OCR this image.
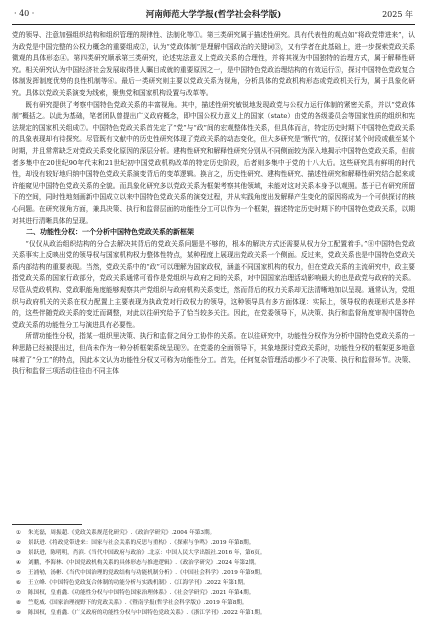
· 40 ·	河南师范大学学报(哲学社会科学版)	2025 年

党的领导、注意加强组织结构和组织管理的规律性、法制化等①。第三类研究属于描述性研究。具有代表性的观点如“将政党带进来”，认为政党是中国完整的公权力概念的重要组成②，认为“党政体制”是理解中国政治的关键词③，又有学者在此基础上，进一步探索党政关系微观的具体形态④。第四类研究顺承第三类研究，论述宪法意义上党政关系的合理性，并将其视为中国独特的治理方式，属于解释性研究。相关研究认为中国经济社会发展取得世人瞩目成就的重要原因之一，是中国特色党政治理结构的有效运行⑤，探讨中国特色党政复合体制发挥制度优势的良性机制等⑥。最后一类研究则主要以党政关系为视角，分析具体的党政机构形态或党政机关行为，属于具象化研究。具体以党政关系演变为线索，聚焦党和国家机构设置与改革等。

既有研究提供了考察中国特色党政关系的丰富视角。其中，描述性研究敏锐地发现政党与公权力运行体制的紧密关系，并以“党政体制”概括之。以此为基础，笔者团队曾提出广义政府概念，即中国公权力意义上的国家（state）由党的各级委员会等国家性质的组织和宪法规定的国家机关组成⑦。中国特色党政关系首先定了“党”与“政”间的宏观整体性关系，但具体而言，特定历史时期下中国特色党政关系的具象表现却有待探究。尽管既有文献中的历史性研究体现了党政关系的动态变化，但大多研究是“断代”的，仅探讨某个时段或截至某个时期，并且常常缺乏对党政关系变化原因的深层分析。建构性研究和解释性研究分别从不同侧面较为深入地揭示中国特色党政关系，但前者多集中在20世纪90年代末和21世纪初中国党政机构改革的特定历史阶段，后者则多集中于党的十八大后。这些研究具有鲜明的时代性，却没有较好地归纳中国特色党政关系演变背后的变革逻辑。换言之，历史性研究、建构性研究、描述性研究和解释性研究结合起来或许能窥见中国特色党政关系的全貌。而具象化研究多以党政关系为框架考察其他领域，未能对这对关系本身予以观照。基于已有研究所留下的空间，同时性地刻画新中国成立以来中国特色党政关系的演变过程，并从实践角度出发解释产生变化的原因将成为一个可供探讨的核心问题。在研究视角方面，兼具决策、执行和监督层面的功能性分工可以作为一个框架，描述特定历史时期下的中国特色党政关系，以期对其进行清晰具体的呈现。

二、功能性分权：一个分析中国特色党政关系的新框架

“仅仅从政治组织结构的分合去解决其背后的党政关系问题是不够的，根本的解决方式还需要从权力分工配置着手。”⑧中国特色党政关系事实上反映出党的领导权与国家机构权力整体性特点，某种程度上展现出党政关系一个侧面。反过来，党政关系也是中国特色党政关系内部结构的重要表现。当然，党政关系中的“政”可以理解为国家政权，涵盖不同国家机构的权力，但在党政关系的主流研究中，政主要指党政关系的国家行政部分，党政关系通常可看作是党组织与政府之间的关系，对中国国家治理活动影响最大的也是政党与政府的关系。尽管从党政机构、党政职能角度能够观察共产党组织与政府机构关系变迁，然而背后的权力关系却无法清晰地加以呈现。通常认为，党组织与政府机关的关系在权力配置上主要表现为执政党对行政权力的领导，这种领导具有多方面体现：实际上，领导权的表现形式是多样的，这些伴随党政关系的变迁而调整，对此以往研究给予了恰当较多关注。因此，在党委领导下，从决策、执行和监督角度审视中国特色党政关系的功能性分工与演进具有必要性。

所谓功能性分权，指某一组织里决策、执行和监督之间分工协作的关系。在以往研究中，功能性分权作为分析中国特色党政关系的一种思路已经被提出过，但尚未作为一种分析框架系统呈现⑨。在党委的全面领导下，其象地探讨党政关系时，功能性分权的框架更多地意味着了“分工”的特点，因此本文认为功能性分权又可称为功能性分工。首先，任何复杂管理活动都少不了决策、执行和监督环节。决策、执行和监督三项活动往往由不同主体

① 朱光磊，周振超.《党政关系规范化研究》.《政治学研究》.2004 年第3期。
② 景跃进.《将政党带进来：国家与社会关系的反思与重构》.《探索与争鸣》.2019 年第8期。
③ 景跃进，陈明明，肖滨.《当代中国政府与政治》.北京：中国人民大学出版社.2016 年，第6页。
④ 刘鹏，李海林.《中国党政机构关系的具体形态与推进逻辑》.《政治学研究》.2024 年第2期。
⑤ 王浦劬，汤彬.《当代中国治理的党政结构与功能机制分析》.《中国社会科学》.2019 年第9期。
⑥ 王立峰.《中国特色党政复合体制的功能分析与实践机制》.《江海学刊》.2022 年第1期。
⑦ 陈国权，皇甫鑫.《功能性分权与中国特色国家治理体系》.《社会学研究》.2021 年第4期。
⑧ 竺乾威.《国家治理视野下的党政关系》.《暨南学报(哲学社会科学版)》.2019 年第8期。
⑨ 陈国权，皇甫鑫.《广义政府的功能性分权与中国特色党政关系》.《浙江学刊》.2022 年第1期。
